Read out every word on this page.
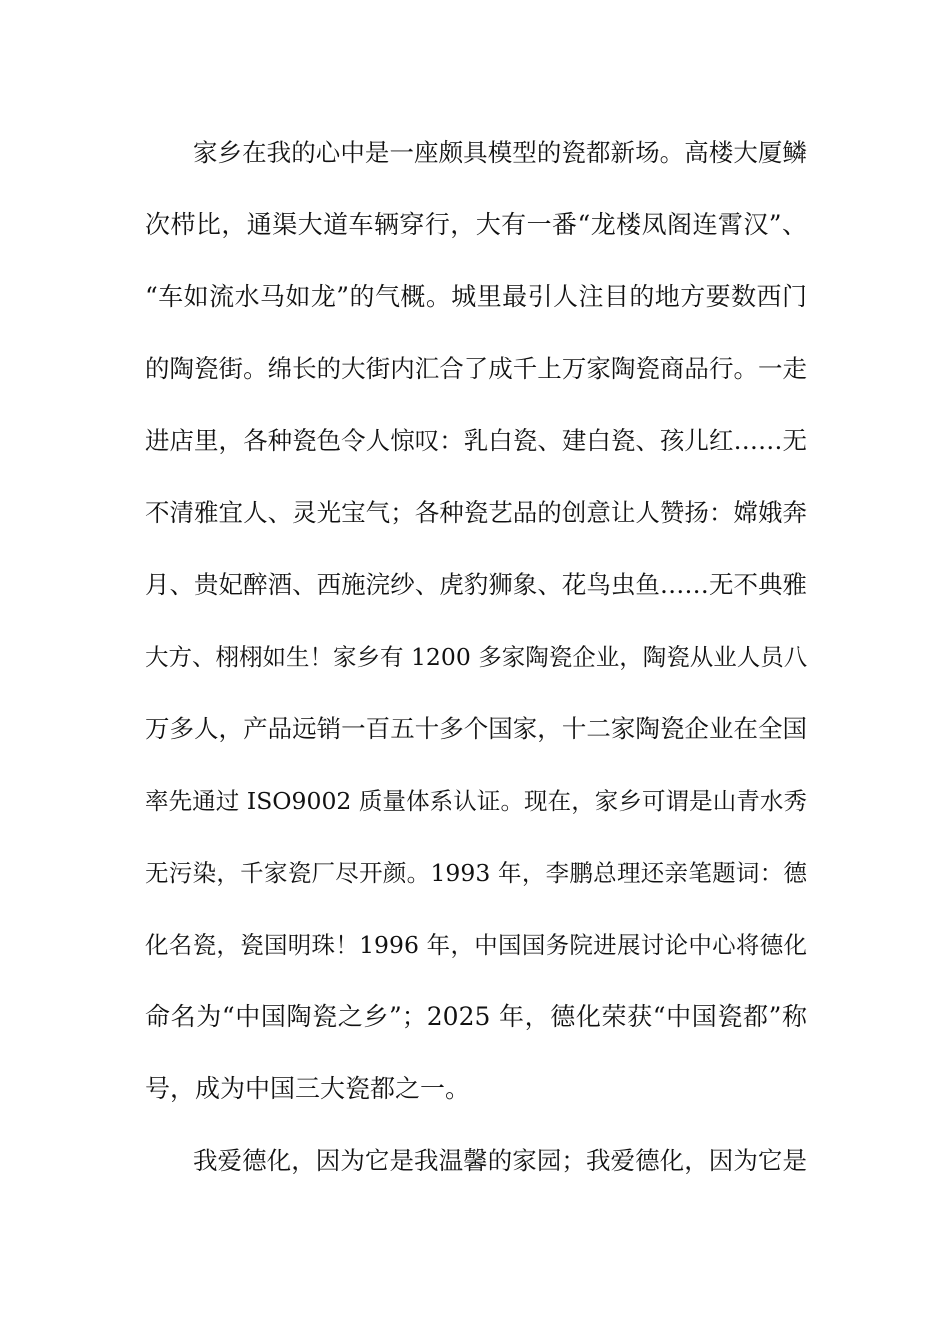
家乡在我的心中是一座颇具模型的瓷都新场。高楼大厦鳞
次栉比，通渠大道车辆穿行，大有一番“龙楼凤阁连霄汉”、
“车如流水马如龙”的气概。城里最引人注目的地方要数西门
的陶瓷街。绵长的大街内汇合了成千上万家陶瓷商品行。一走
进店里，各种瓷色令人惊叹：乳白瓷、建白瓷、孩儿红……无
不清雅宜人、灵光宝气；各种瓷艺品的创意让人赞扬：嫦娥奔
月、贵妃醉酒、西施浣纱、虎豹狮象、花鸟虫鱼……无不典雅
大方、栩栩如生！家乡有 1200 多家陶瓷企业，陶瓷从业人员八
万多人，产品远销一百五十多个国家，十二家陶瓷企业在全国
率先通过 ISO9002 质量体系认证。现在，家乡可谓是山青水秀
无污染，千家瓷厂尽开颜。1993 年，李鹏总理还亲笔题词：德
化名瓷，瓷国明珠！1996 年，中国国务院进展讨论中心将德化
命名为“中国陶瓷之乡”；2025 年，德化荣获“中国瓷都”称
号，成为中国三大瓷都之一。
我爱德化，因为它是我温馨的家园；我爱德化，因为它是
